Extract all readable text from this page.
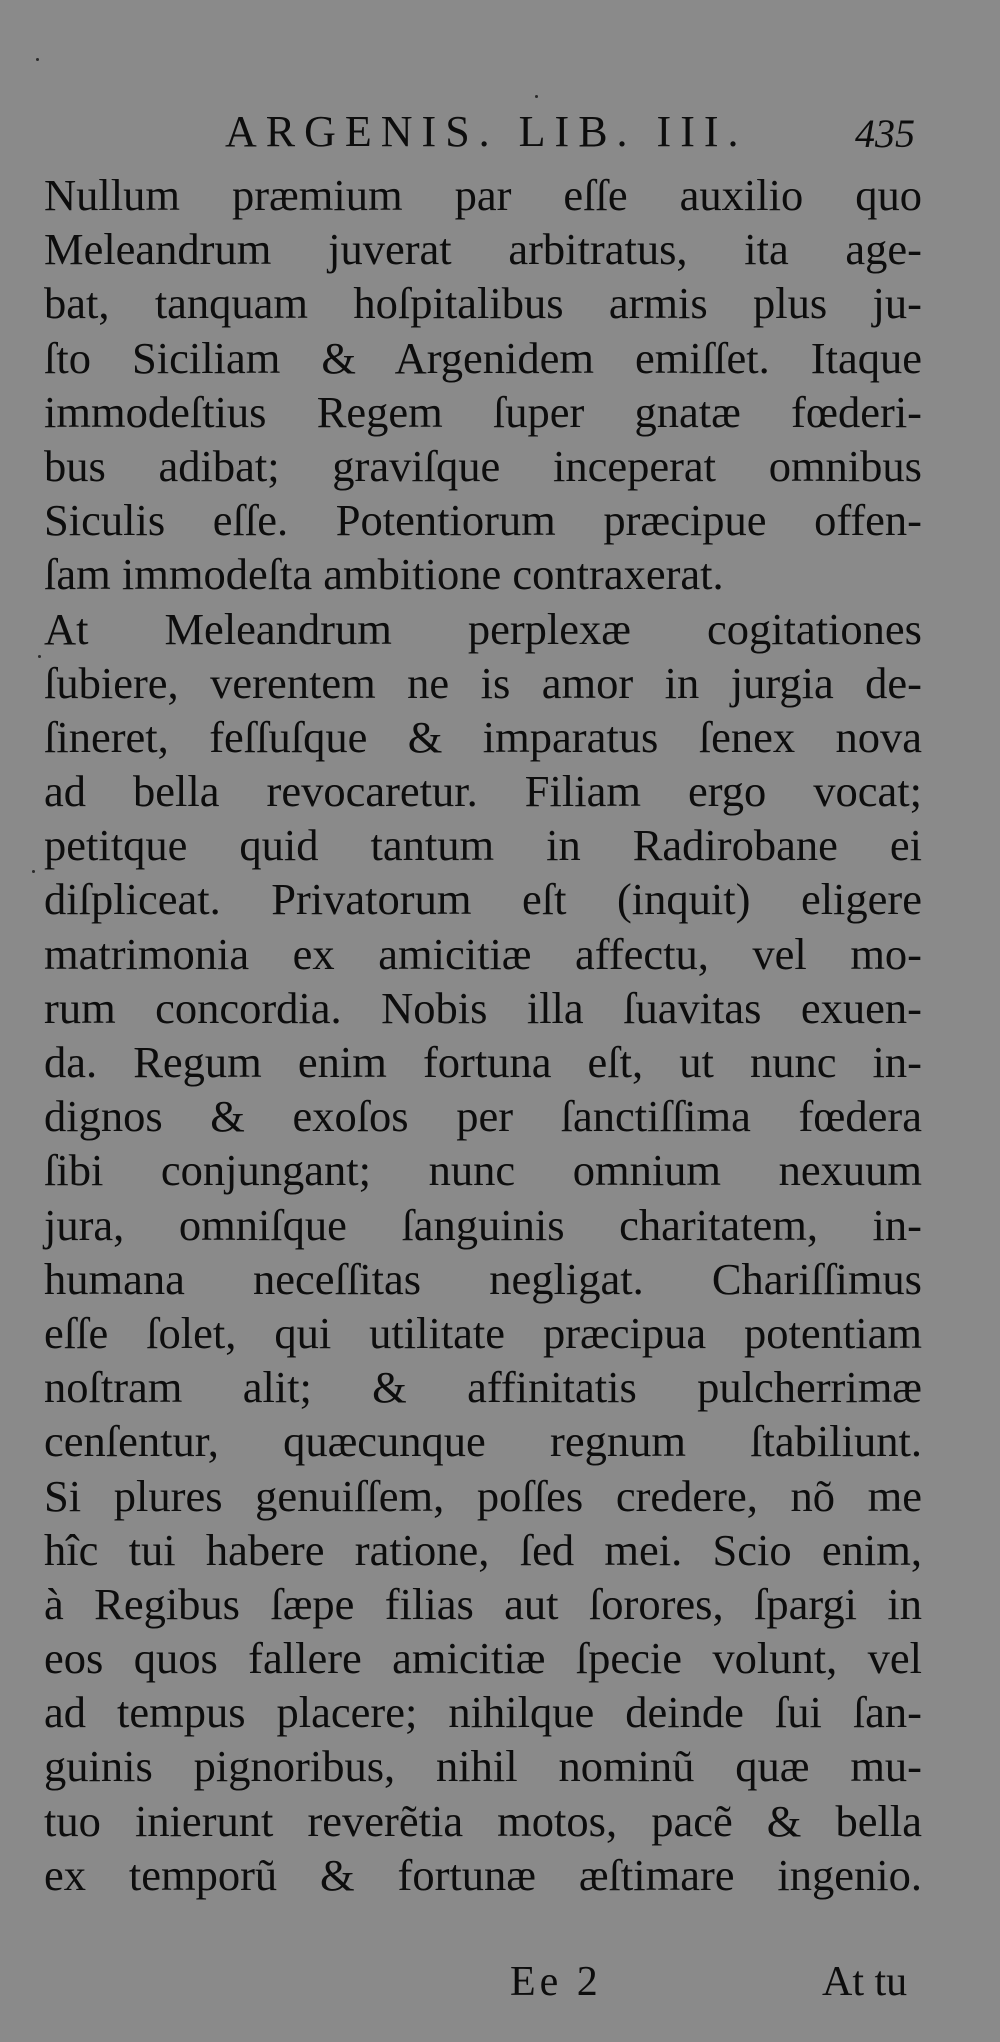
ARGENIS. LIB. III.	435
Nullum præmium par eſſe auxilio quo
Meleandrum juverat arbitratus, ita age-
bat, tanquam hoſpitalibus armis plus ju-
ſto Siciliam & Argenidem emiſſet. Itaque
immodeſtius Regem ſuper gnatæ fœderi-
bus adibat; graviſque inceperat omnibus
Siculis eſſe. Potentiorum præcipue offen-
ſam immodeſta ambitione contraxerat.
At Meleandrum perplexæ cogitationes
ſubiere, verentem ne is amor in jurgia de-
ſineret, feſſuſque & imparatus ſenex nova
ad bella revocaretur. Filiam ergo vocat;
petitque quid tantum in Radirobane ei
diſpliceat. Privatorum eſt (inquit) eligere
matrimonia ex amicitiæ affectu, vel mo-
rum concordia. Nobis illa ſuavitas exuen-
da. Regum enim fortuna eſt, ut nunc in-
dignos & exoſos per ſanctiſſima fœdera
ſibi conjungant; nunc omnium nexuum
jura, omniſque ſanguinis charitatem, in-
humana neceſſitas negligat. Chariſſimus
eſſe ſolet, qui utilitate præcipua potentiam
noſtram alit; & affinitatis pulcherrimæ
cenſentur, quæcunque regnum ſtabiliunt.
Si plures genuiſſem, poſſes credere, nõ me
hîc tui habere ratione, ſed mei. Scio enim,
à Regibus ſæpe filias aut ſorores, ſpargi in
eos quos fallere amicitiæ ſpecie volunt, vel
ad tempus placere; nihilque deinde ſui ſan-
guinis pignoribus, nihil nominũ quæ mu-
tuo inierunt reverẽtia motos, pacẽ & bella
ex temporũ & fortunæ æſtimare ingenio.
Ee 2	At tu
